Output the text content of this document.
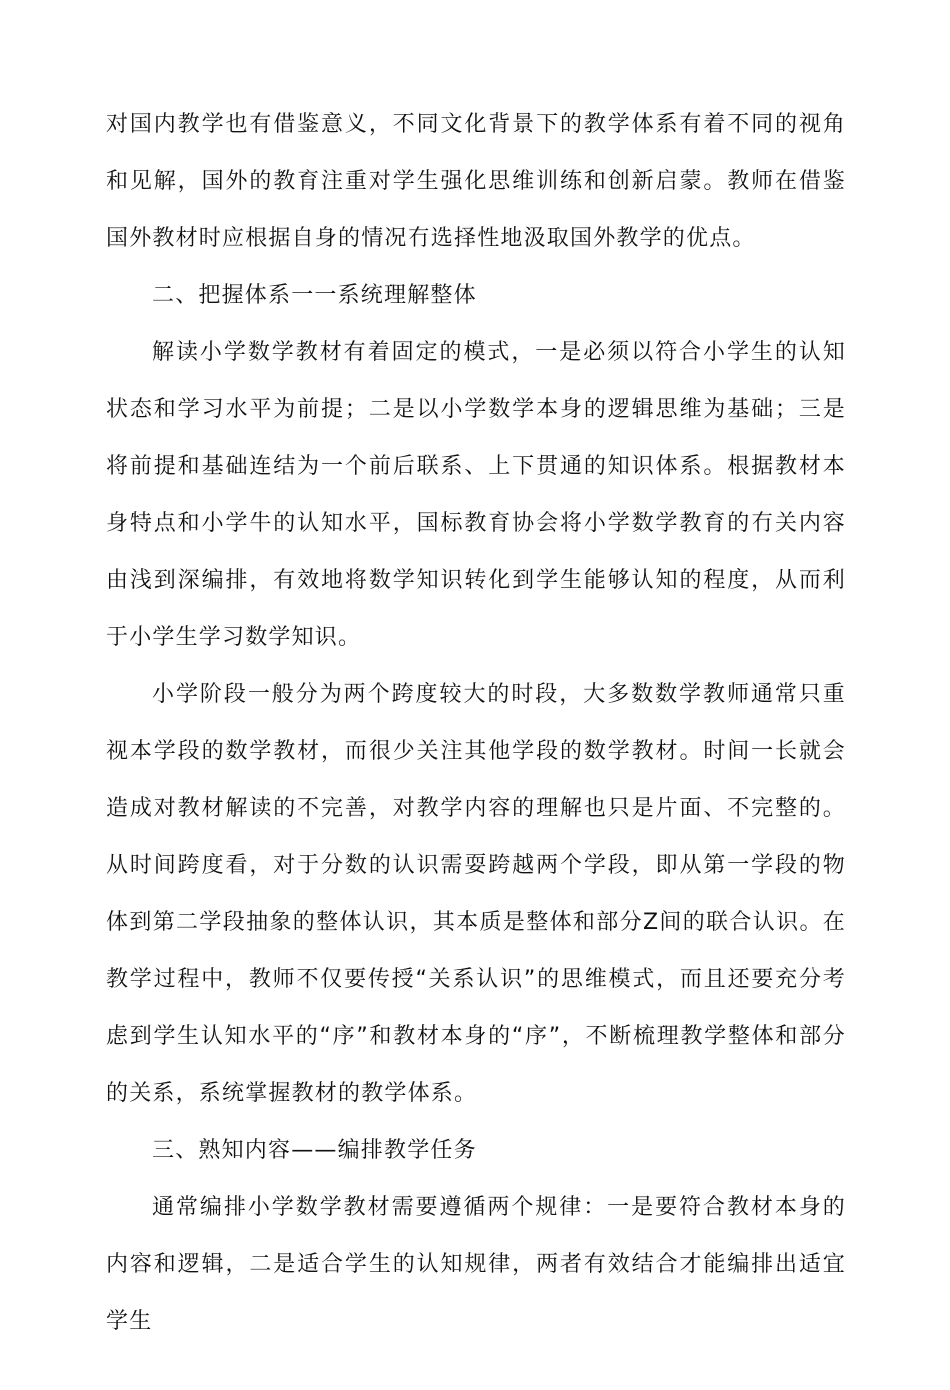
对国内教学也有借鉴意义，不同文化背景下的教学体系有着不同的视角和见解，国外的教育注重对学生强化思维训练和创新启蒙。教师在借鉴国外教材时应根据自身的情况冇选择性地汲取国外教学的优点。

二、把握体系一一系统理解整体

解读小学数学教材有着固定的模式，一是必须以符合小学生的认知状态和学习水平为前提；二是以小学数学本身的逻辑思维为基础；三是将前提和基础连结为一个前后联系、上下贯通的知识体系。根据教材本身特点和小学牛的认知水平，国标教育协会将小学数学教育的冇关内容由浅到深编排，有效地将数学知识转化到学生能够认知的程度，从而利于小学生学习数学知识。

小学阶段一般分为两个跨度较大的时段，大多数数学教师通常只重视本学段的数学教材，而很少关注其他学段的数学教材。时间一长就会造成对教材解读的不完善，对教学内容的理解也只是片面、不完整的。从时间跨度看，对于分数的认识需耍跨越两个学段，即从第一学段的物体到第二学段抽象的整体认识，其本质是整体和部分Z间的联合认识。在教学过程中，教师不仅要传授“关系认识”的思维模式，而且还要充分考虑到学生认知水平的“序”和教材本身的“序”，不断梳理教学整体和部分的关系，系统掌握教材的教学体系。

三、熟知内容——编排教学任务

通常编排小学数学教材需要遵循两个规律：一是要符合教材本身的内容和逻辑，二是适合学生的认知规律，两者有效结合才能编排出适宜学生
